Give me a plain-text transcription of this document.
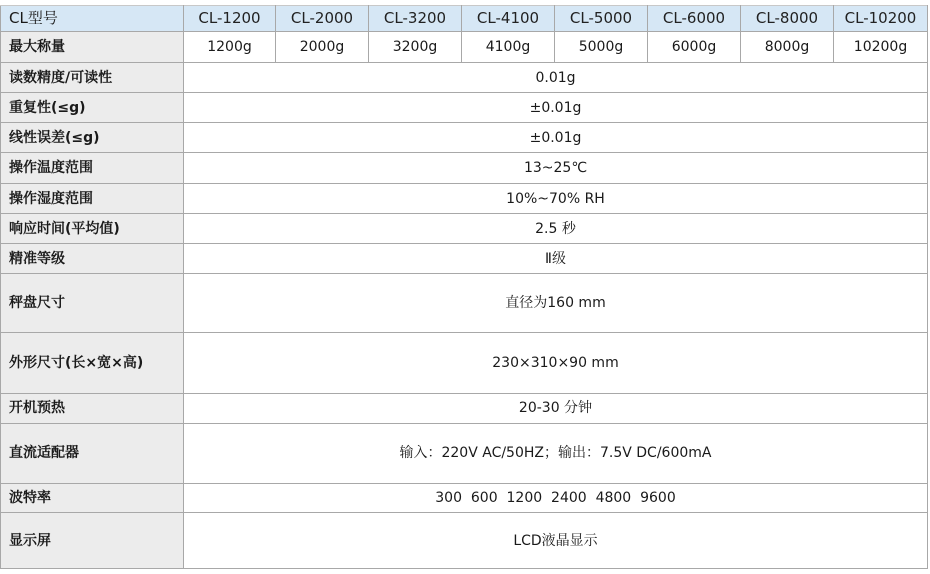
CL型号	CL-1200	CL-2000	CL-3200	CL-4100	CL-5000	CL-6000	CL-8000	CL-10200
最大称量	1200g	2000g	3200g	4100g	5000g	6000g	8000g	10200g
读数精度/可读性	0.01g							
重复性(≤g)	±0.01g							
线性误差(≤g)	±0.01g							
操作温度范围	13~25℃							
操作湿度范围	10%~70% RH							
响应时间(平均值)	2.5 秒							
精准等级	Ⅱ级							
秤盘尺寸	直径为160 mm							
外形尺寸(长×宽×高)	230×310×90 mm							
开机预热	20-30 分钟							
直流适配器	输入：220V AC/50HZ；输出：7.5V DC/600mA							
波特率	300  600  1200  2400  4800  9600							
显示屏	LCD液晶显示							
